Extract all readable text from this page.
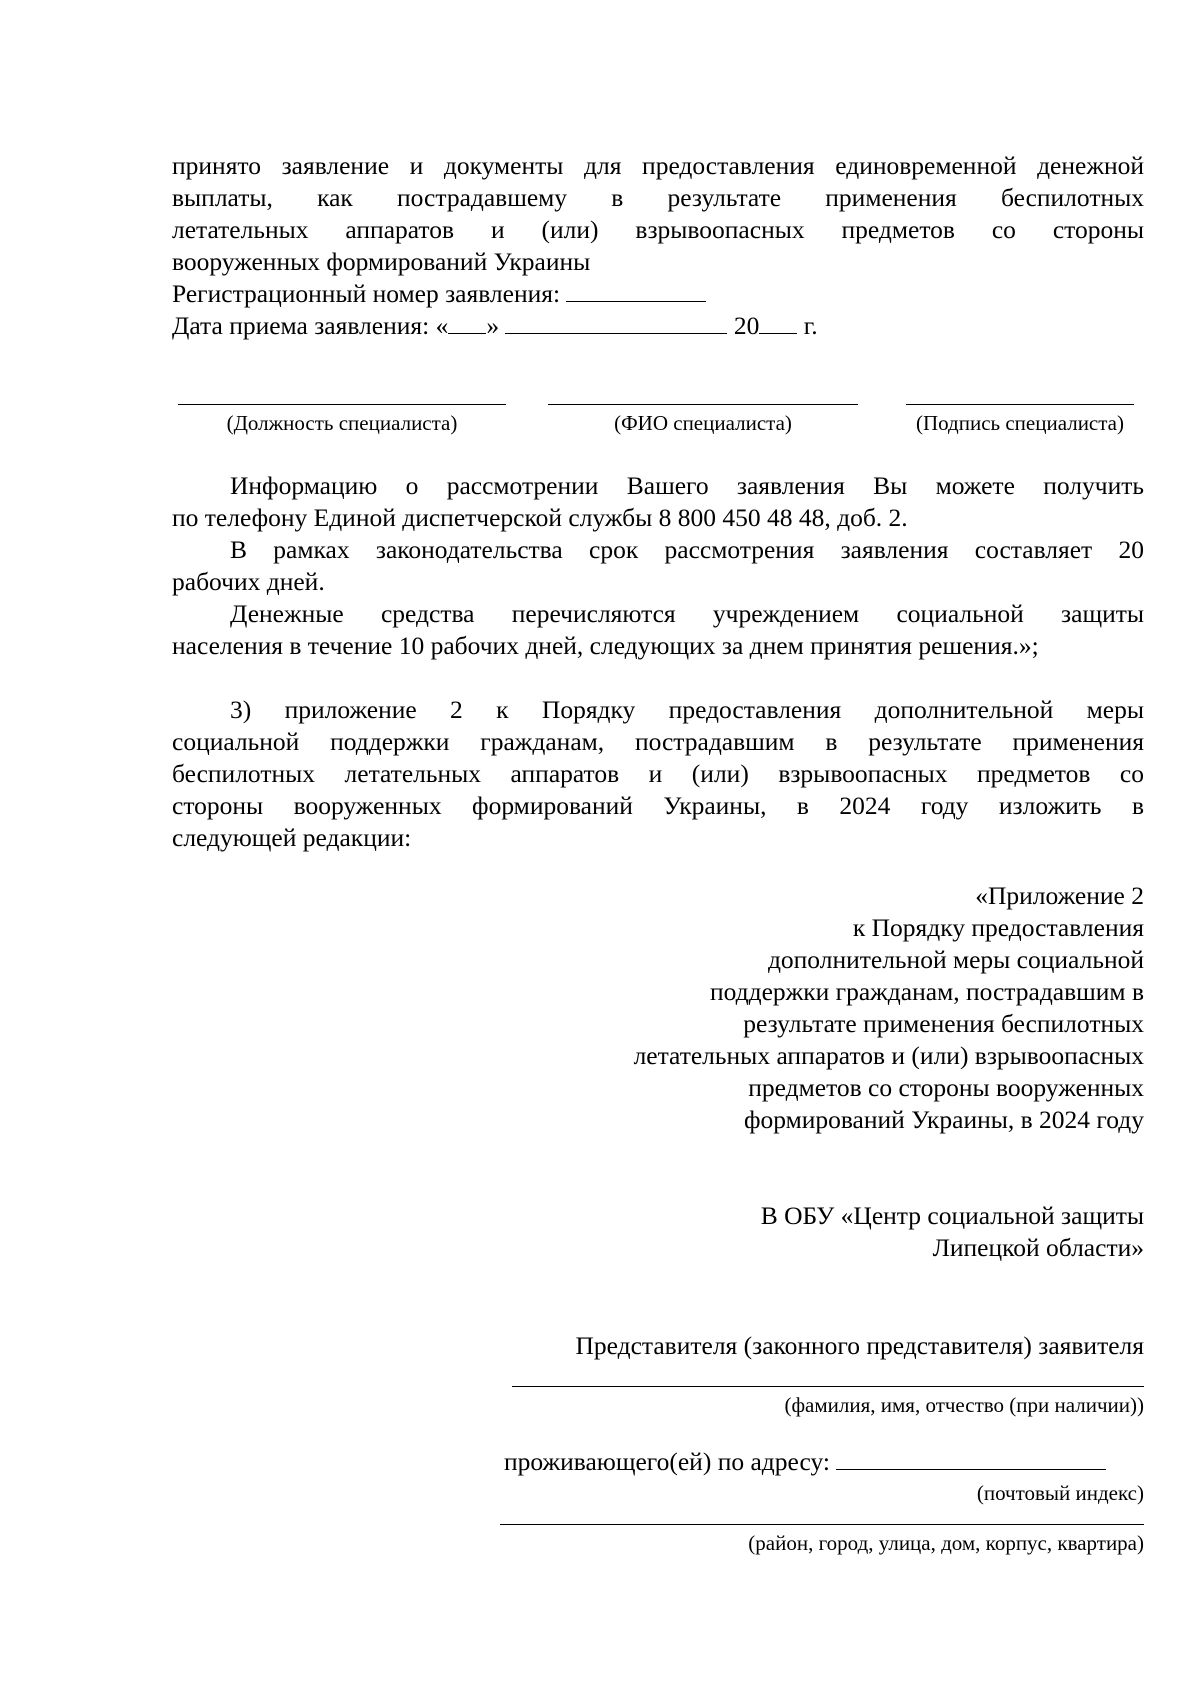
принято заявление и документы для предоставления единовременной денежной
выплаты, как пострадавшему в результате применения беспилотных
летательных аппаратов и (или) взрывоопасных предметов со стороны
вооруженных формирований Украины
Регистрационный номер заявления:
Дата приема заявления: « »	20 г.
(Должность специалиста)	(ФИО специалиста)	(Подпись специалиста)
Информацию о рассмотрении Вашего заявления Вы можете получить
по телефону Единой диспетчерской службы 8 800 450 48 48, доб. 2.
В рамках законодательства срок рассмотрения заявления составляет 20
рабочих дней.
Денежные средства перечисляются учреждением социальной защиты
населения в течение 10 рабочих дней, следующих за днем принятия решения.»;
3) приложение 2 к Порядку предоставления дополнительной меры
социальной поддержки гражданам, пострадавшим в результате применения
беспилотных летательных аппаратов и (или) взрывоопасных предметов со
стороны вооруженных формирований Украины, в 2024 году изложить в
следующей редакции:
«Приложение 2
к Порядку предоставления
дополнительной меры социальной
поддержки гражданам, пострадавшим в
результате применения беспилотных
летательных аппаратов и (или) взрывоопасных
предметов со стороны вооруженных
формирований Украины, в 2024 году
В ОБУ «Центр социальной защиты
Липецкой области»
Представителя (законного представителя) заявителя
(фамилия, имя, отчество (при наличии))
проживающего(ей) по адресу:
(почтовый индекс)
(район, город, улица, дом, корпус, квартира)
